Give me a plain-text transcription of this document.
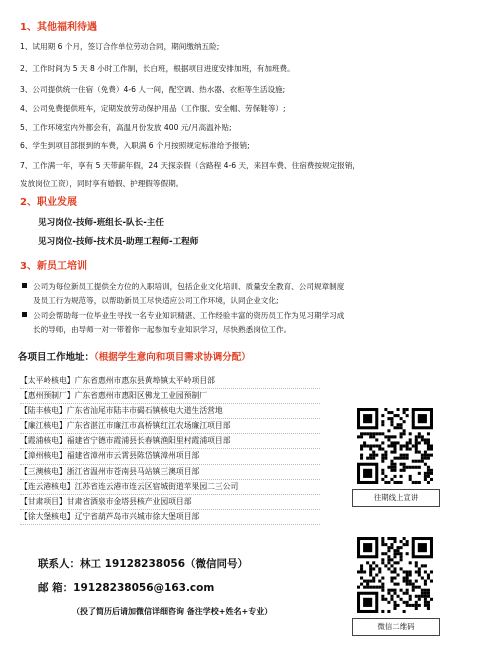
1、其他福利待遇
1、试用期 6 个月，签订合作单位劳动合同，期间缴纳五险;
2、工作时间为 5 天 8 小时工作制，长白班，根据项目进度安排加班，有加班费。
3、公司提供统一住宿（免费）4-6 人一间，配空调、热水器、衣柜等生活设施;
4、公司免费提供班车，定期发放劳动保护用品（工作服、安全帽、劳保鞋等）;
5、工作环境室内外都会有，高温月份发放 400 元/月高温补贴;
6、学生到项目部报到的车费，入职满 6 个月按照规定标准给予报销;
7、工作满一年，享有 5 天带薪年假，24 天探亲假（含路程 4-6 天，来回车费、住宿费按规定报销，
发放岗位工资），同时享有婚假、护理假等假期。
2、职业发展
见习岗位-技师-班组长-队长-主任
见习岗位-技师-技术员-助理工程师-工程师
3、新员工培训
公司为每位新员工提供全方位的入职培训，包括企业文化培训、质量安全教育、公司规章制度
及员工行为规范等，以帮助新员工尽快适应公司工作环境，认同企业文化;
公司会帮助每一位毕业生寻找一名专业知识精湛、工作经验丰富的资历员工作为见习期学习成
长的导师，由导师一对一带着你一起参加专业知识学习，尽快熟悉岗位工作。
各项目工作地址：（根据学生意向和项目需求协调分配）
【太平岭核电】广东省惠州市惠东县黄埠镇太平岭项目部
【惠州预制厂】广东省惠州市惠阳区佛龙工业园预制厂
【陆丰核电】广东省汕尾市陆丰市碣石镇核电大道生活营地
【廉江核电】广东省湛江市廉江市高桥镇红江农场廉江项目部
【霞浦核电】福建省宁德市霞浦县长春镇渔阳里村霞浦项目部
【漳州核电】福建省漳州市云霄县陈岱镇漳州项目部
【三澳核电】浙江省温州市苍南县马站镇三澳项目部
【连云港核电】江苏省连云港市连云区宿城街道苹果园二三公司
【甘肃项目】甘肃省酒泉市金塔县核产业园项目部
【徐大堡核电】辽宁省葫芦岛市兴城市徐大堡项目部
往期线上宣讲
微信二维码
联系人：林工 19128238056（微信同号）
邮 箱：19128238056@163.com
（投了简历后请加微信详细咨询 备注学校+姓名+专业）
